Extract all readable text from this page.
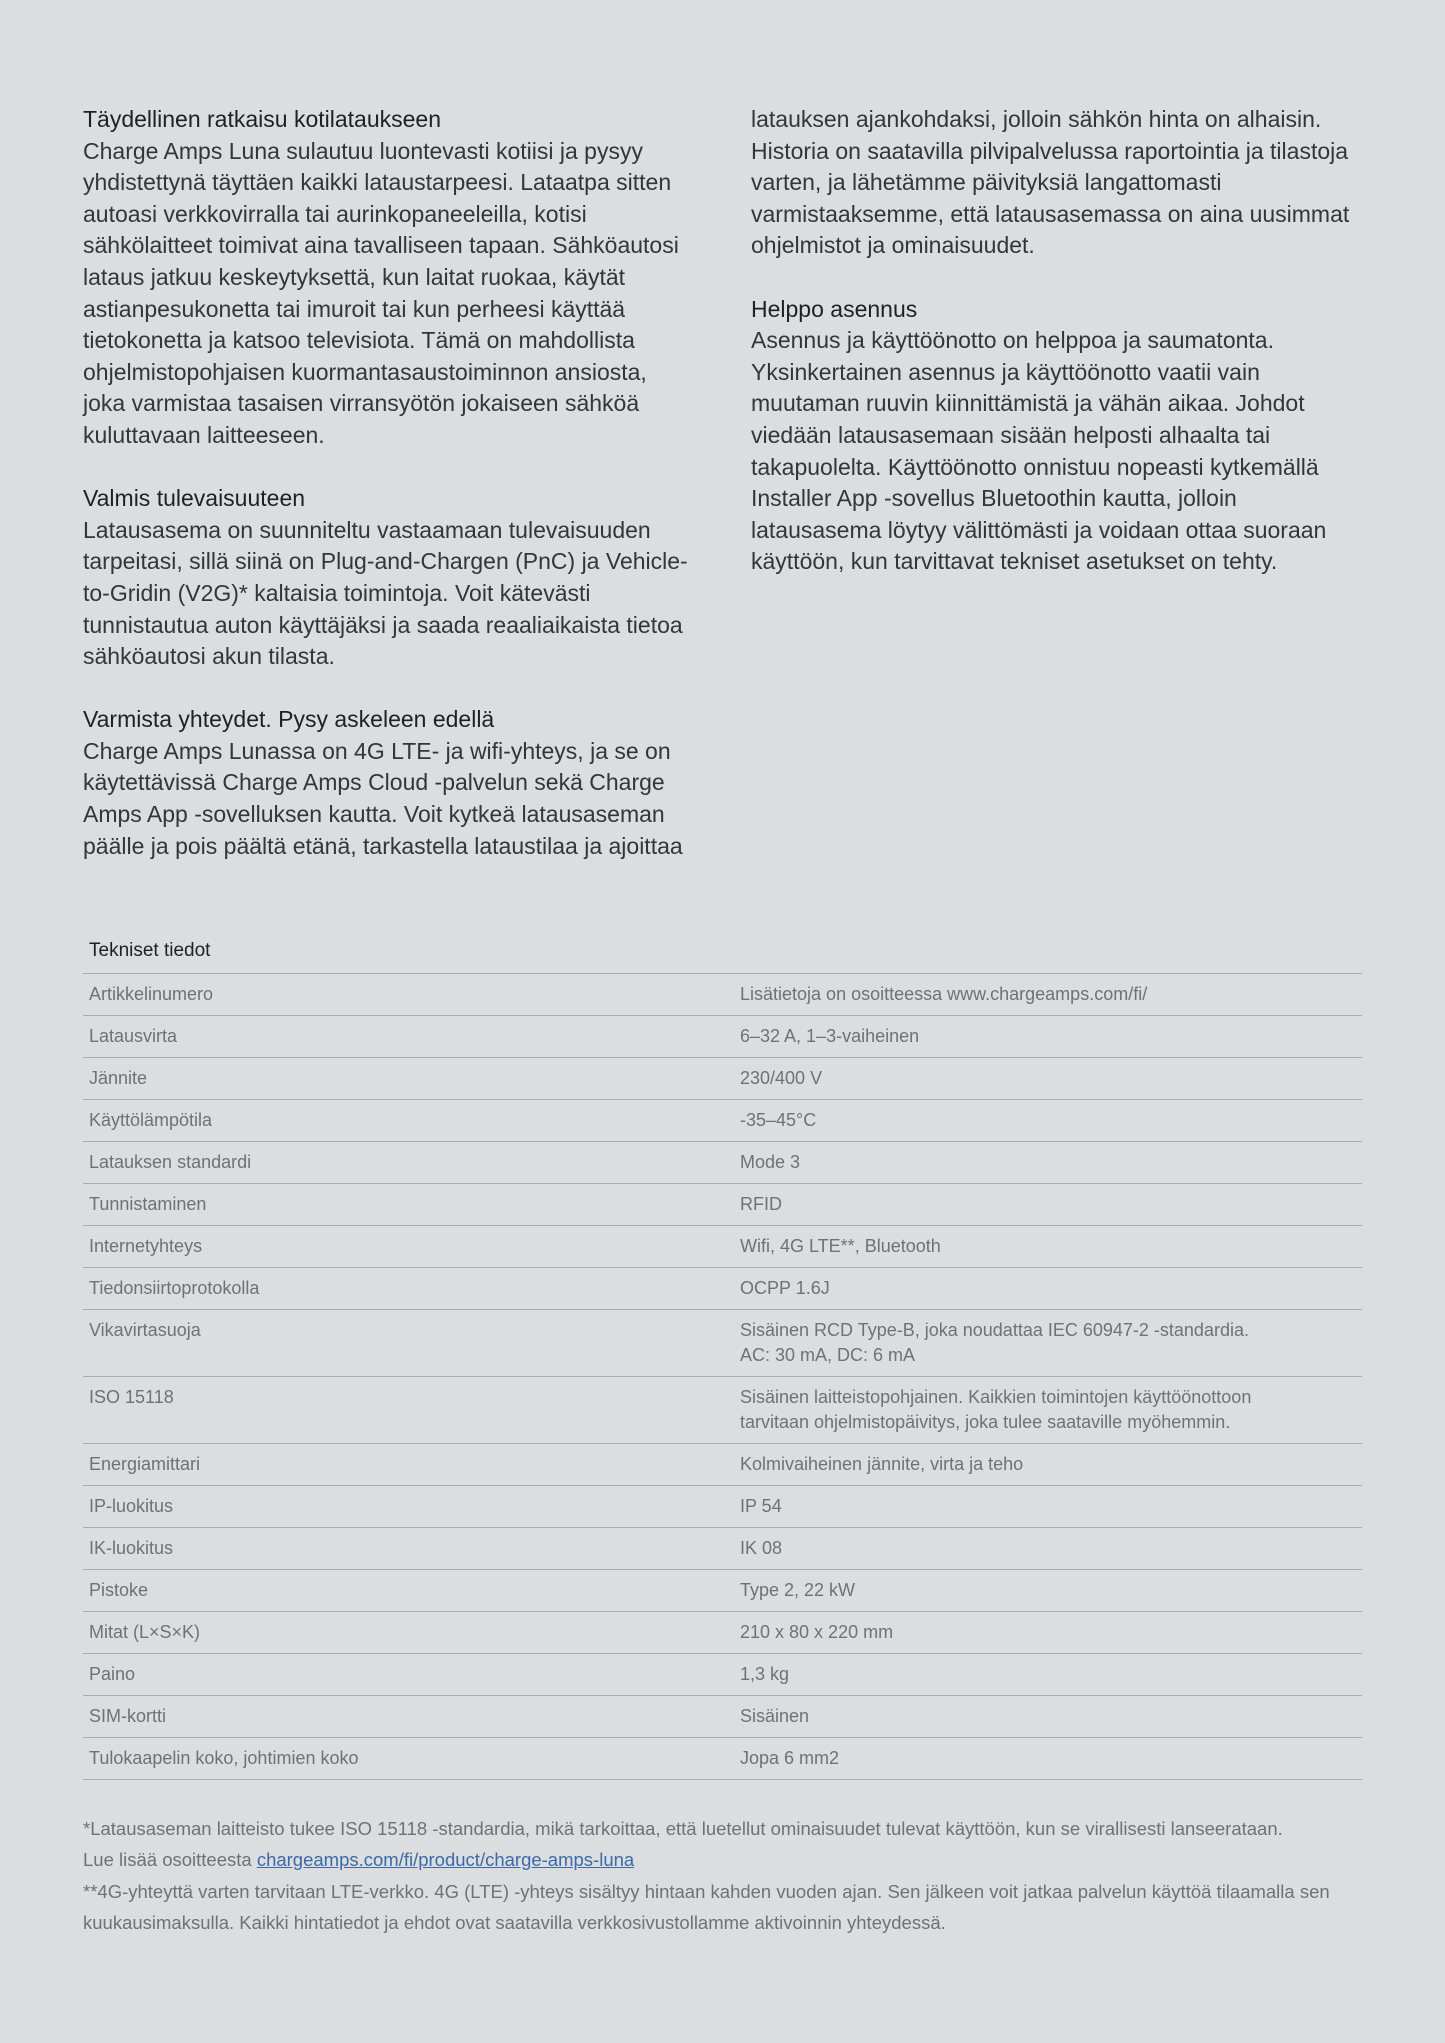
Täydellinen ratkaisu kotilataukseen

Charge Amps Luna sulautuu luontevasti kotiisi ja pysyy yhdistettynä täyttäen kaikki lataustarpeesi. Lataatpa sitten autoasi verkkovirralla tai aurinkopaneeleilla, kotisi sähkölaitteet toimivat aina tavalliseen tapaan. Sähköautosi lataus jatkuu keskeytyksettä, kun laitat ruokaa, käytät astianpesukonetta tai imuroit tai kun perheesi käyttää tietokonetta ja katsoo televisiota. Tämä on mahdollista ohjelmistopohjaisen kuormantasaustoiminnon ansiosta, joka varmistaa tasaisen virransyötön jokaiseen sähköä kuluttavaan laitteeseen.

Valmis tulevaisuuteen

Latausasema on suunniteltu vastaamaan tulevaisuuden tarpeitasi, sillä siinä on Plug-and-Chargen (PnC) ja Vehicle-to-Gridin (V2G)* kaltaisia toimintoja. Voit kätevästi tunnistautua auton käyttäjäksi ja saada reaaliaikaista tietoa sähköautosi akun tilasta.

Varmista yhteydet. Pysy askeleen edellä

Charge Amps Lunassa on 4G LTE- ja wifi-yhteys, ja se on käytettävissä Charge Amps Cloud -palvelun sekä Charge Amps App -sovelluksen kautta. Voit kytkeä latausaseman päälle ja pois päältä etänä, tarkastella lataustilaa ja ajoittaa latauksen ajankohdaksi, jolloin sähkön hinta on alhaisin. Historia on saatavilla pilvipalvelussa raportointia ja tilastoja varten, ja lähetämme päivityksiä langattomasti varmistaaksemme, että latausasemassa on aina uusimmat ohjelmistot ja ominaisuudet.

Helppo asennus

Asennus ja käyttöönotto on helppoa ja saumatonta. Yksinkertainen asennus ja käyttöönotto vaatii vain muutaman ruuvin kiinnittämistä ja vähän aikaa. Johdot viedään latausasemaan sisään helposti alhaalta tai takapuolelta. Käyttöönotto onnistuu nopeasti kytkemällä Installer App -sovellus Bluetoothin kautta, jolloin latausasema löytyy välittömästi ja voidaan ottaa suoraan käyttöön, kun tarvittavat tekniset asetukset on tehty.

Tekniset tiedot
Artikkelinumero	Lisätietoja on osoitteessa www.chargeamps.com/fi/
Latausvirta	6–32 A, 1–3-vaiheinen
Jännite	230/400 V
Käyttölämpötila	-35–45°C
Latauksen standardi	Mode 3
Tunnistaminen	RFID
Internetyhteys	Wifi, 4G LTE**, Bluetooth
Tiedonsiirtoprotokolla	OCPP 1.6J
Vikavirtasuoja	Sisäinen RCD Type-B, joka noudattaa IEC 60947-2 -standardia.
AC: 30 mA, DC: 6 mA
ISO 15118	Sisäinen laitteistopohjainen. Kaikkien toimintojen käyttöönottoon
tarvitaan ohjelmistopäivitys, joka tulee saataville myöhemmin.
Energiamittari	Kolmivaiheinen jännite, virta ja teho
IP-luokitus	IP 54
IK-luokitus	IK 08
Pistoke	Type 2, 22 kW
Mitat (L×S×K)	210 x 80 x 220 mm
Paino	1,3 kg
SIM-kortti	Sisäinen
Tulokaapelin koko, johtimien koko	Jopa 6 mm2

*Latausaseman laitteisto tukee ISO 15118 -standardia, mikä tarkoittaa, että luetellut ominaisuudet tulevat käyttöön, kun se virallisesti lanseerataan.

Lue lisää osoitteesta chargeamps.com/fi/product/charge-amps-luna

**4G-yhteyttä varten tarvitaan LTE-verkko. 4G (LTE) -yhteys sisältyy hintaan kahden vuoden ajan. Sen jälkeen voit jatkaa palvelun käyttöä tilaamalla sen kuukausimaksulla. Kaikki hintatiedot ja ehdot ovat saatavilla verkkosivustollamme aktivoinnin yhteydessä.
